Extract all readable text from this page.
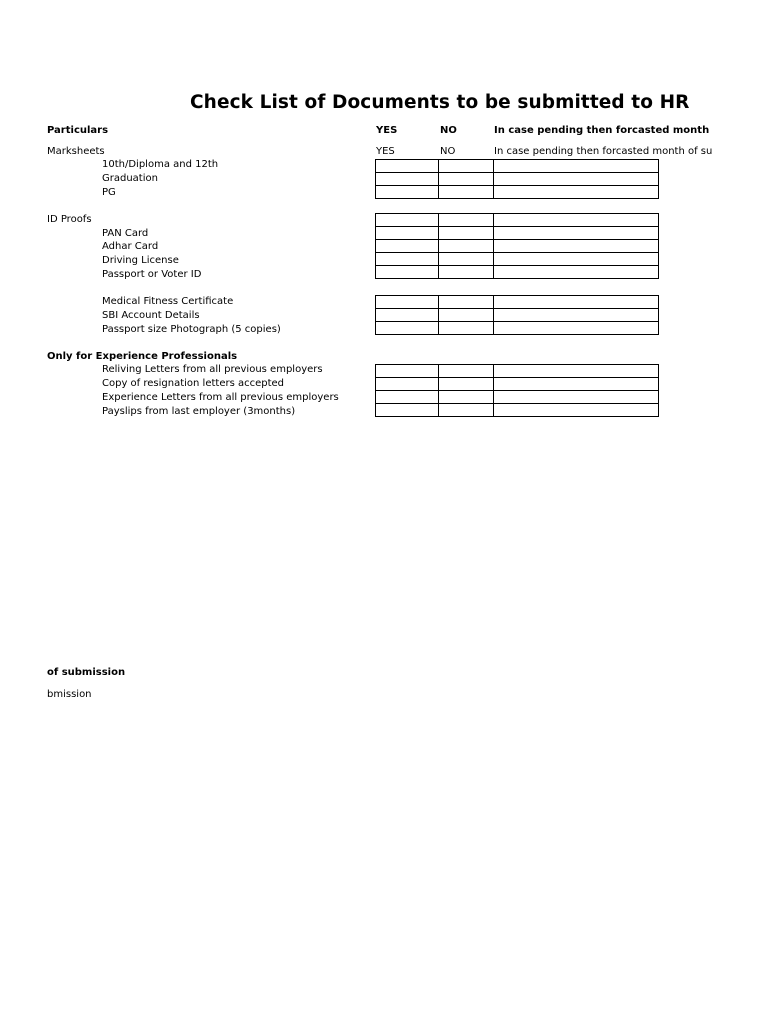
Check List of Documents to be submitted to HR
Particulars	YES	NO	In case pending then forcasted month
Marksheets	YES	NO	In case pending then forcasted month of su
10th/Diploma and 12th
Graduation
PG

ID Proofs
PAN Card
Adhar Card
Driving License
Passport or Voter ID

Medical Fitness Certificate
SBI Account Details
Passport size Photograph (5 copies)

Only for Experience Professionals
Reliving Letters from all previous employers
Copy of resignation letters accepted
Experience Letters from all previous employers
Payslips from last employer (3months)

of submission
bmission
